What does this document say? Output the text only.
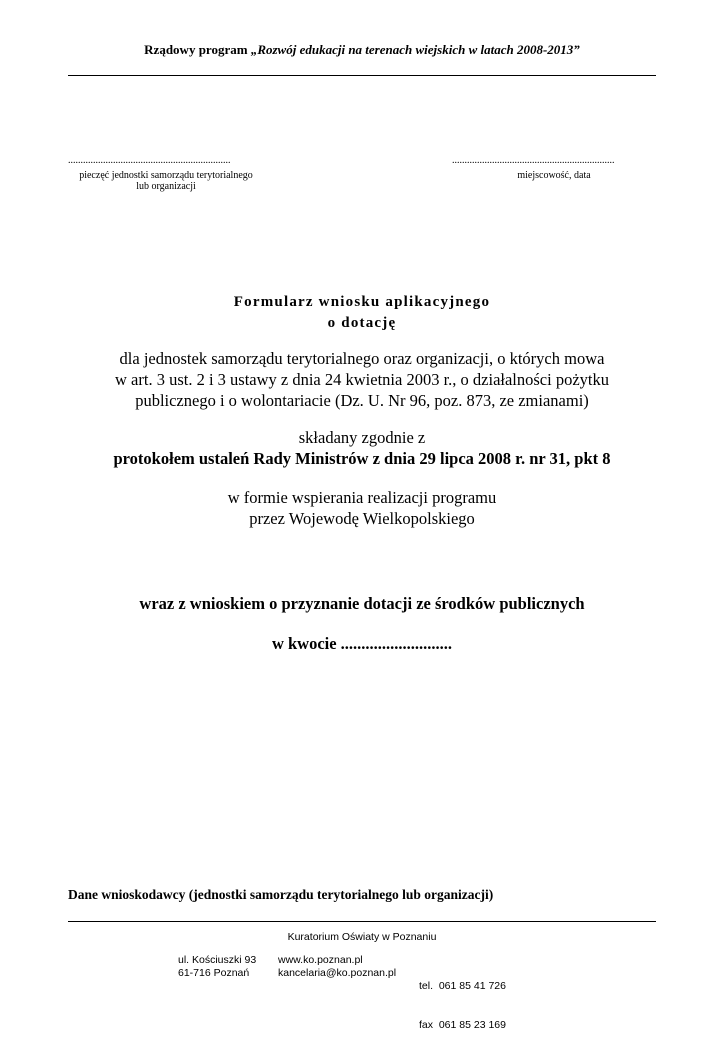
Rządowy program „Rozwój edukacji na terenach wiejskich w latach 2008-2013”
.................................................................
pieczęć jednostki samorządu terytorialnego
lub organizacji
.................................................................
miejscowość, data
Formularz wniosku aplikacyjnego
o dotację
dla jednostek samorządu terytorialnego oraz organizacji, o których mowa
w art. 3 ust. 2 i 3 ustawy z dnia 24 kwietnia 2003 r., o działalności pożytku
publicznego i o wolontariacie (Dz. U. Nr 96, poz. 873, ze zmianami)
składany zgodnie z
protokołem ustaleń Rady Ministrów z dnia 29 lipca 2008 r. nr 31, pkt 8
w formie wspierania realizacji programu
przez Wojewodę Wielkopolskiego
wraz z wnioskiem o przyznanie dotacji ze środków publicznych
w kwocie ...........................
Dane wnioskodawcy (jednostki samorządu terytorialnego lub organizacji)
Kuratorium Oświaty w Poznaniu
ul. Kościuszki 93
61-716 Poznań
www.ko.poznan.pl
kancelaria@ko.poznan.pl

tel.  061 85 41 726

fax  061 85 23 169
